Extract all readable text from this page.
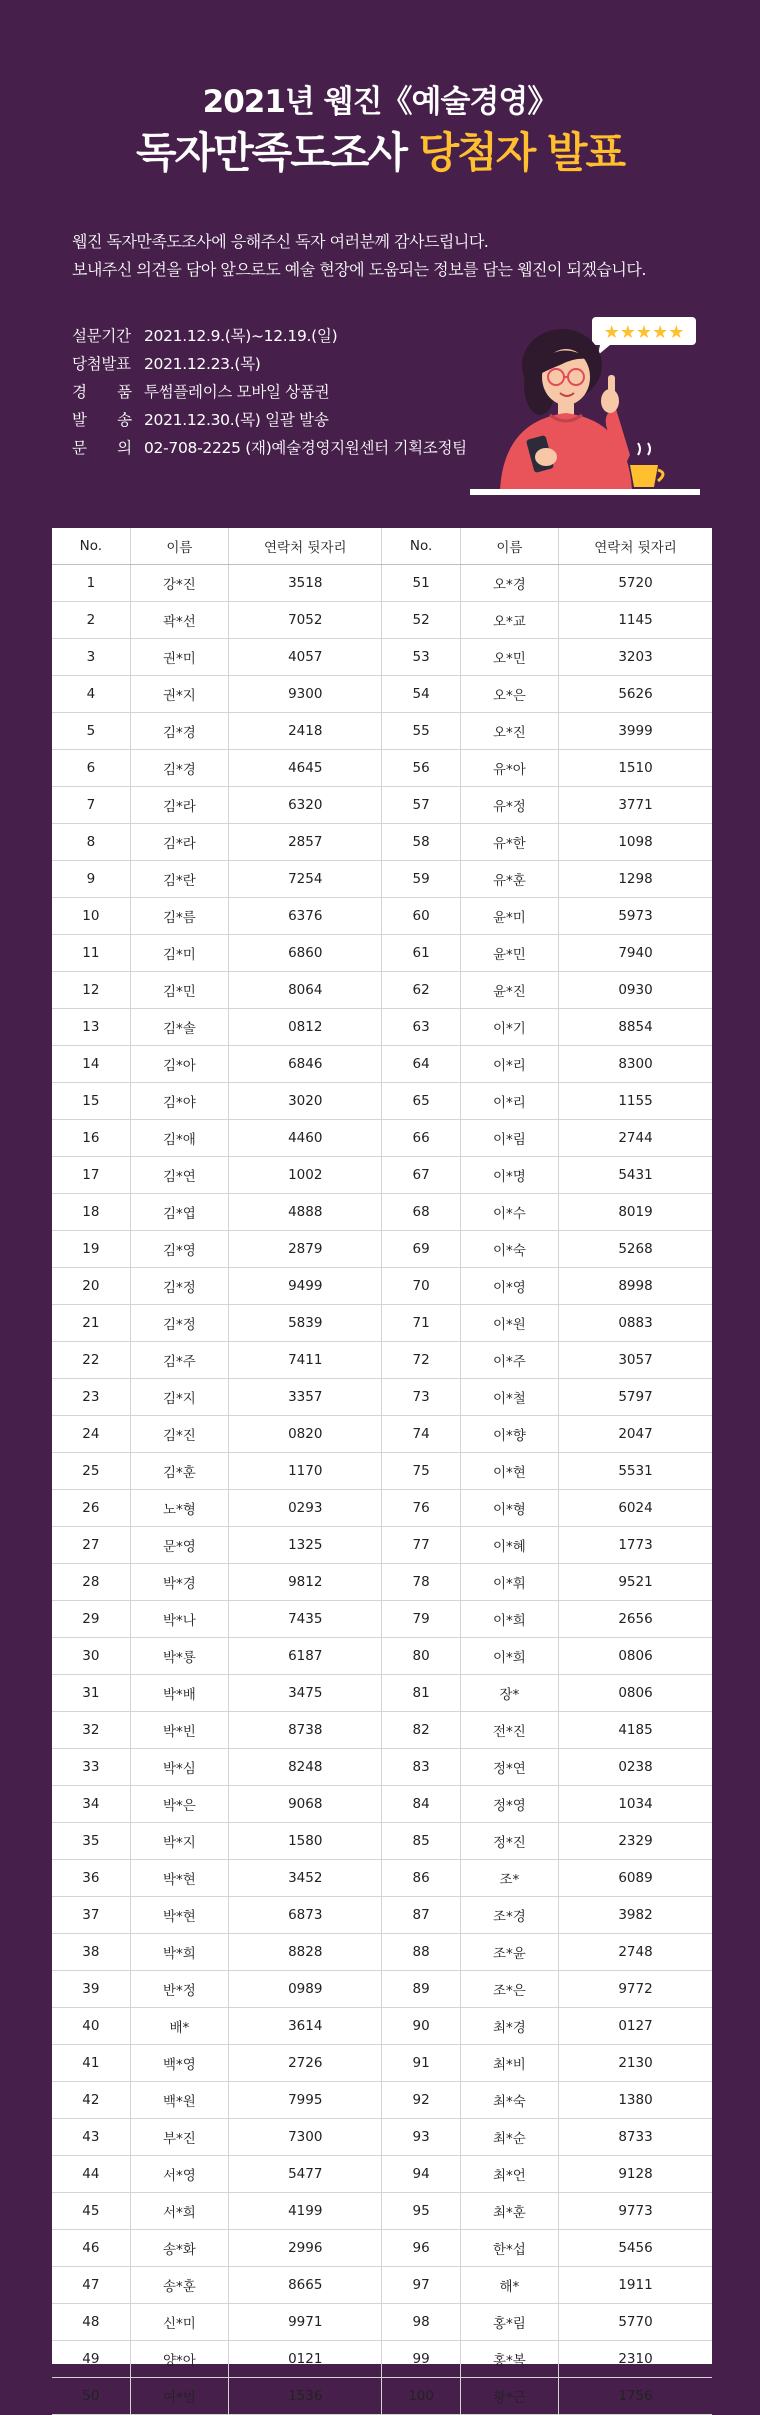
2021년 웹진《예술경영》
독자만족도조사 당첨자 발표

웹진 독자만족도조사에 응해주신 독자 여러분께 감사드립니다.

보내주신 의견을 담아 앞으로도 예술 현장에 도움되는 정보를 담는 웹진이 되겠습니다.

설문기간 2021.12.9.(목)~12.19.(일)
당첨발표 2021.12.23.(목)
경　　품 투썸플레이스 모바일 상품권
발　　송 2021.12.30.(목) 일괄 발송
문　　의 02-708-2225 (재)예술경영지원센터 기획조정팀
★★★★★
No.	이름	연락처 뒷자리	No.	이름	연락처 뒷자리
1	강*진	3518	51	오*경	5720
2	곽*선	7052	52	오*교	1145
3	권*미	4057	53	오*민	3203
4	권*지	9300	54	오*은	5626
5	김*경	2418	55	오*진	3999
6	김*경	4645	56	유*아	1510
7	김*라	6320	57	유*정	3771
8	김*라	2857	58	유*한	1098
9	김*란	7254	59	유*훈	1298
10	김*름	6376	60	윤*미	5973
11	김*미	6860	61	윤*민	7940
12	김*민	8064	62	윤*진	0930
13	김*솔	0812	63	이*기	8854
14	김*아	6846	64	이*리	8300
15	김*야	3020	65	이*리	1155
16	김*애	4460	66	이*림	2744
17	김*연	1002	67	이*명	5431
18	김*엽	4888	68	이*수	8019
19	김*영	2879	69	이*숙	5268
20	김*정	9499	70	이*영	8998
21	김*정	5839	71	이*원	0883
22	김*주	7411	72	이*주	3057
23	김*지	3357	73	이*철	5797
24	김*진	0820	74	이*향	2047
25	김*훈	1170	75	이*현	5531
26	노*형	0293	76	이*형	6024
27	문*영	1325	77	이*혜	1773
28	박*경	9812	78	이*휘	9521
29	박*나	7435	79	이*희	2656
30	박*룡	6187	80	이*희	0806
31	박*배	3475	81	장*	0806
32	박*빈	8738	82	전*진	4185
33	박*심	8248	83	정*연	0238
34	박*은	9068	84	정*영	1034
35	박*지	1580	85	정*진	2329
36	박*현	3452	86	조*	6089
37	박*현	6873	87	조*경	3982
38	박*희	8828	88	조*윤	2748
39	반*정	0989	89	조*은	9772
40	배*	3614	90	최*경	0127
41	백*영	2726	91	최*비	2130
42	백*원	7995	92	최*숙	1380
43	부*진	7300	93	최*순	8733
44	서*영	5477	94	최*언	9128
45	서*희	4199	95	최*훈	9773
46	송*화	2996	96	한*섭	5456
47	송*훈	8665	97	해*	1911
48	신*미	9971	98	홍*림	5770
49	양*아	0121	99	홍*복	2310
50	여*범	1536	100	황*근	1756
